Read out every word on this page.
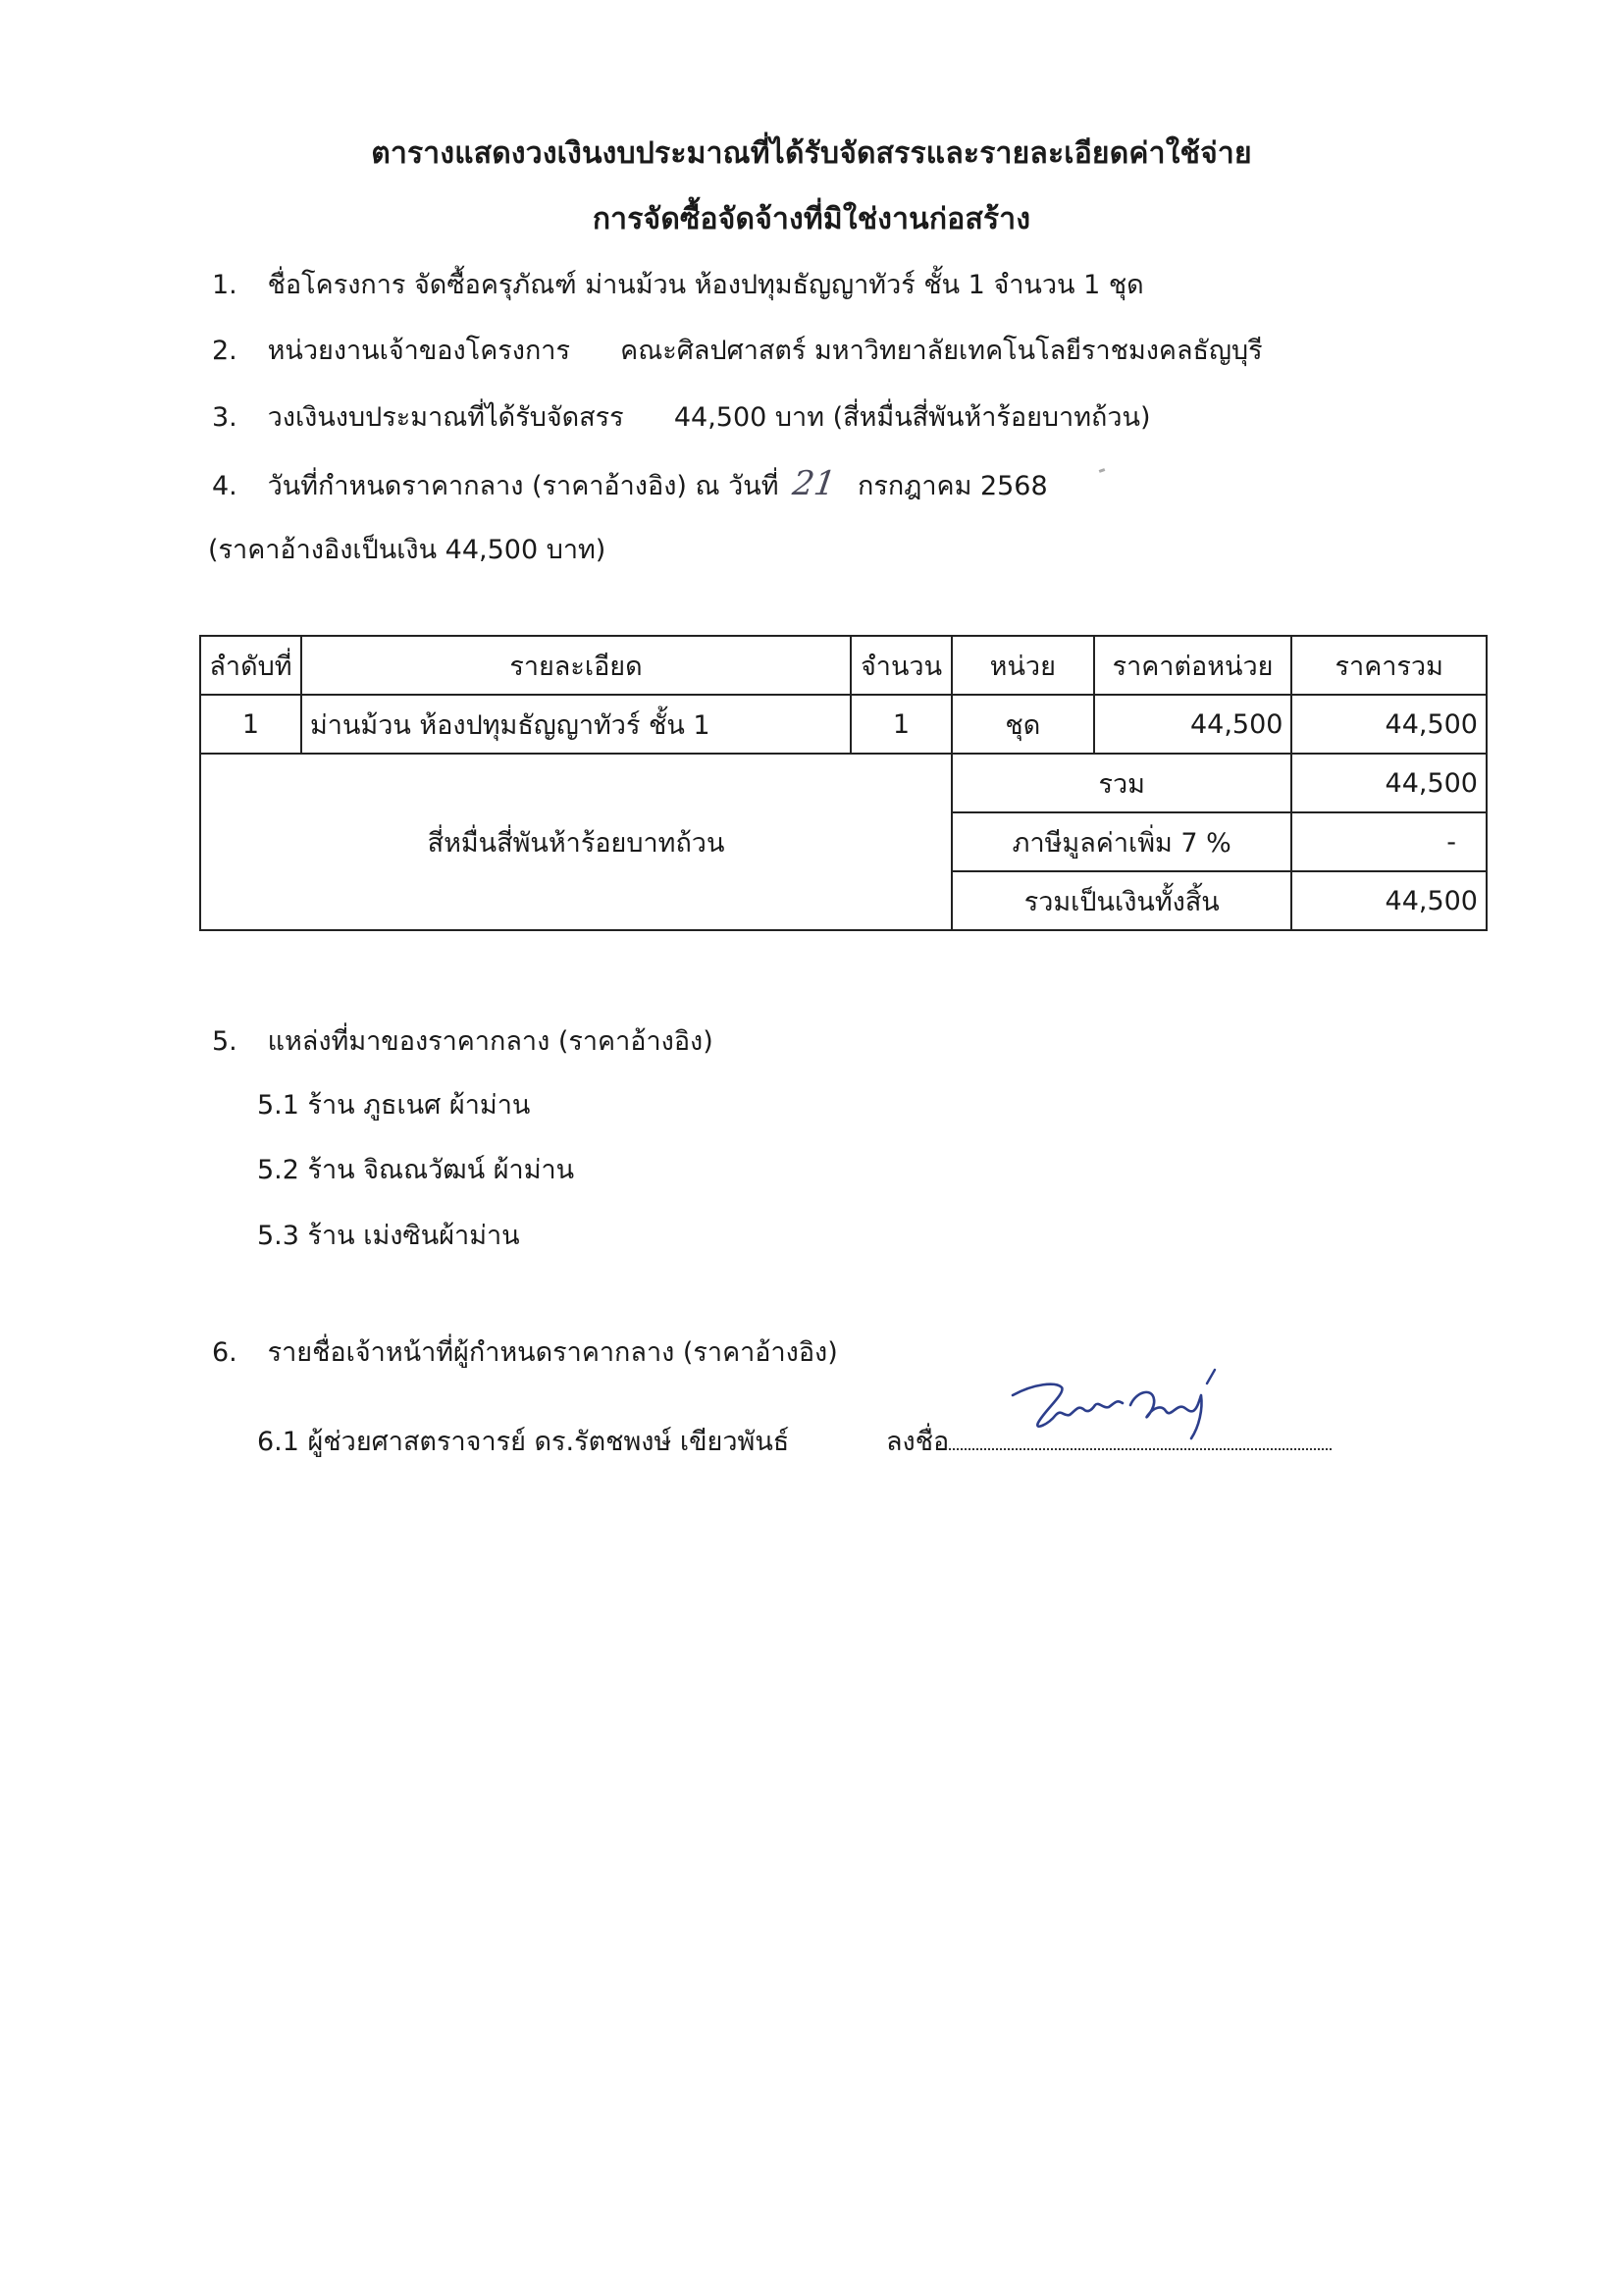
ตารางแสดงวงเงินงบประมาณที่ได้รับจัดสรรและรายละเอียดค่าใช้จ่าย
การจัดซื้อจัดจ้างที่มิใช่งานก่อสร้าง
1. ชื่อโครงการ จัดซื้อครุภัณฑ์ ม่านม้วน ห้องปทุมธัญญาทัวร์ ชั้น 1 จำนวน 1 ชุด
2. หน่วยงานเจ้าของโครงการ คณะศิลปศาสตร์ มหาวิทยาลัยเทคโนโลยีราชมงคลธัญบุรี
3. วงเงินงบประมาณที่ได้รับจัดสรร 44,500 บาท (สี่หมื่นสี่พันห้าร้อยบาทถ้วน)
4. วันที่กำหนดราคากลาง (ราคาอ้างอิง) ณ วันที่ 21 กรกฎาคม 2568
(ราคาอ้างอิงเป็นเงิน 44,500 บาท)
ลำดับที่	รายละเอียด	จำนวน	หน่วย	ราคาต่อหน่วย	ราคารวม
1	ม่านม้วน ห้องปทุมธัญญาทัวร์ ชั้น 1	1	ชุด	44,500	44,500
สี่หมื่นสี่พันห้าร้อยบาทถ้วน			รวม		44,500
			ภาษีมูลค่าเพิ่ม 7 %		-
			รวมเป็นเงินทั้งสิ้น		44,500
5. แหล่งที่มาของราคากลาง (ราคาอ้างอิง)
5.1 ร้าน ภูธเนศ ผ้าม่าน
5.2 ร้าน จิณณวัฒน์ ผ้าม่าน
5.3 ร้าน เม่งซินผ้าม่าน
6. รายชื่อเจ้าหน้าที่ผู้กำหนดราคากลาง (ราคาอ้างอิง)
6.1 ผู้ช่วยศาสตราจารย์ ดร.รัตชพงษ์ เขียวพันธ์	ลงชื่อ
